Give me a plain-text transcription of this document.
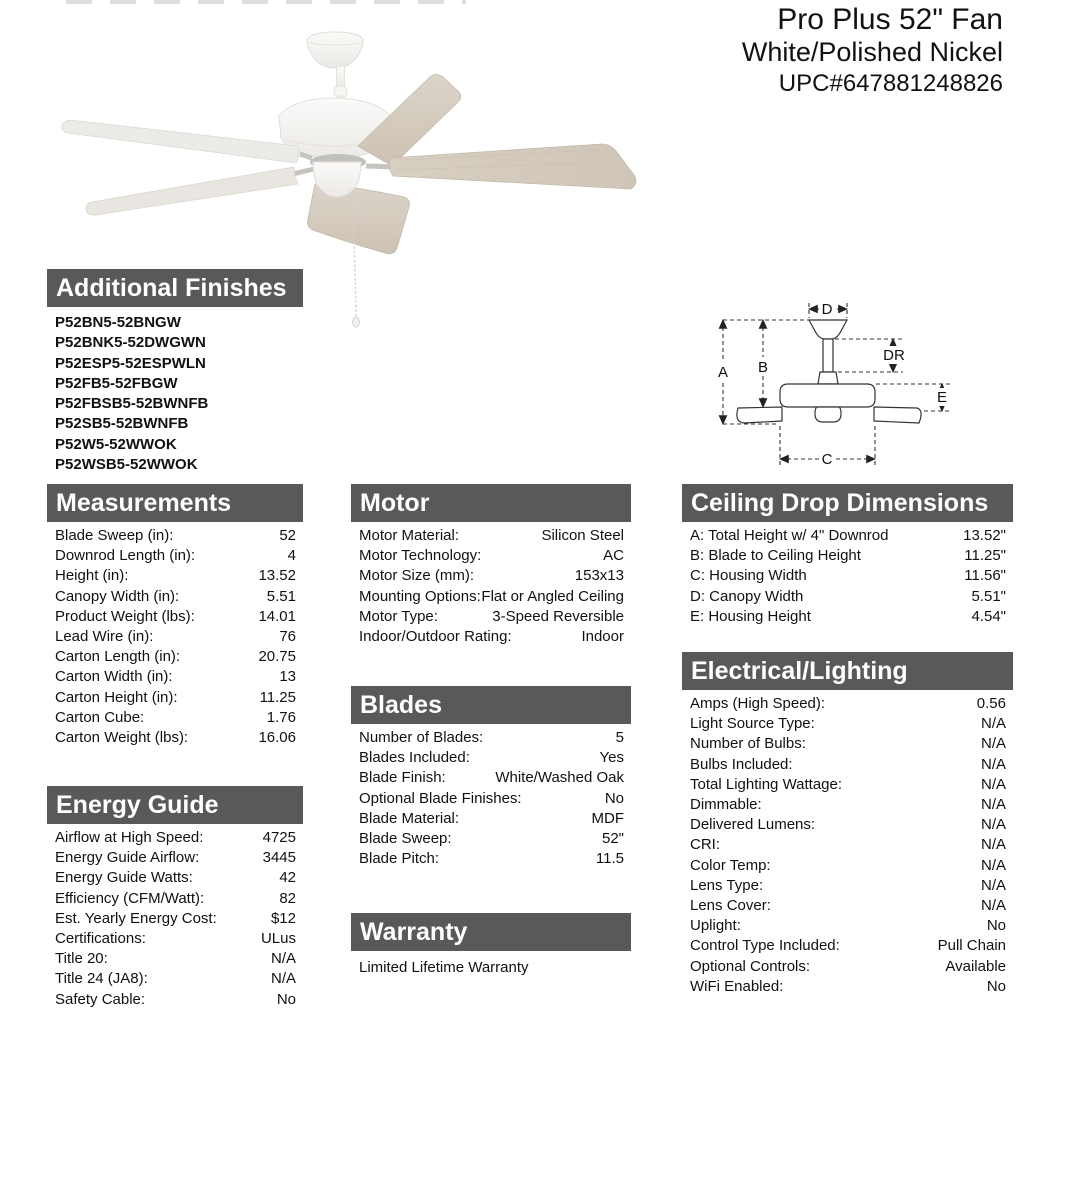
Pro Plus 52" Fan
White/Polished Nickel
UPC#647881248826
A B
D
DR
E
C
Additional Finishes
P52BN5-52BNGW
P52BNK5-52DWGWN
P52ESP5-52ESPWLN
P52FB5-52FBGW
P52FBSB5-52BWNFB
P52SB5-52BWNFB
P52W5-52WWOK
P52WSB5-52WWOK
Measurements
Blade Sweep (in):	52
Downrod Length (in):	4
Height (in):	13.52
Canopy Width (in):	5.51
Product Weight (lbs):	14.01
Lead Wire (in):	76
Carton Length (in):	20.75
Carton Width (in):	13
Carton Height (in):	11.25
Carton Cube:	1.76
Carton Weight (lbs):	16.06
Energy Guide
Airflow at High Speed:	4725
Energy Guide Airflow:	3445
Energy Guide Watts:	42
Efficiency (CFM/Watt):	82
Est. Yearly Energy Cost:	$12
Certifications:	ULus
Title 20:	N/A
Title 24 (JA8):	N/A
Safety Cable:	No
Motor
Motor Material:	Silicon Steel
Motor Technology:	AC
Motor Size (mm):	153x13
Mounting Options: Flat or Angled Ceiling
Motor Type:	3-Speed Reversible
Indoor/Outdoor Rating:	Indoor
Blades
Number of Blades:	5
Blades Included:	Yes
Blade Finish:	White/Washed Oak
Optional Blade Finishes:	No
Blade Material:	MDF
Blade Sweep:	52"
Blade Pitch:	11.5
Warranty
Limited Lifetime Warranty
Ceiling Drop Dimensions
A: Total Height w/ 4" Downrod	13.52"
B: Blade to Ceiling Height	11.25"
C: Housing Width	11.56"
D: Canopy Width	5.51"
E: Housing Height	4.54"
Electrical/Lighting
Amps (High Speed):	0.56
Light Source Type:	N/A
Number of Bulbs:	N/A
Bulbs Included:	N/A
Total Lighting Wattage:	N/A
Dimmable:	N/A
Delivered Lumens:	N/A
CRI:	N/A
Color Temp:	N/A
Lens Type:	N/A
Lens Cover:	N/A
Uplight:	No
Control Type Included:	Pull Chain
Optional Controls:	Available
WiFi Enabled:	No
